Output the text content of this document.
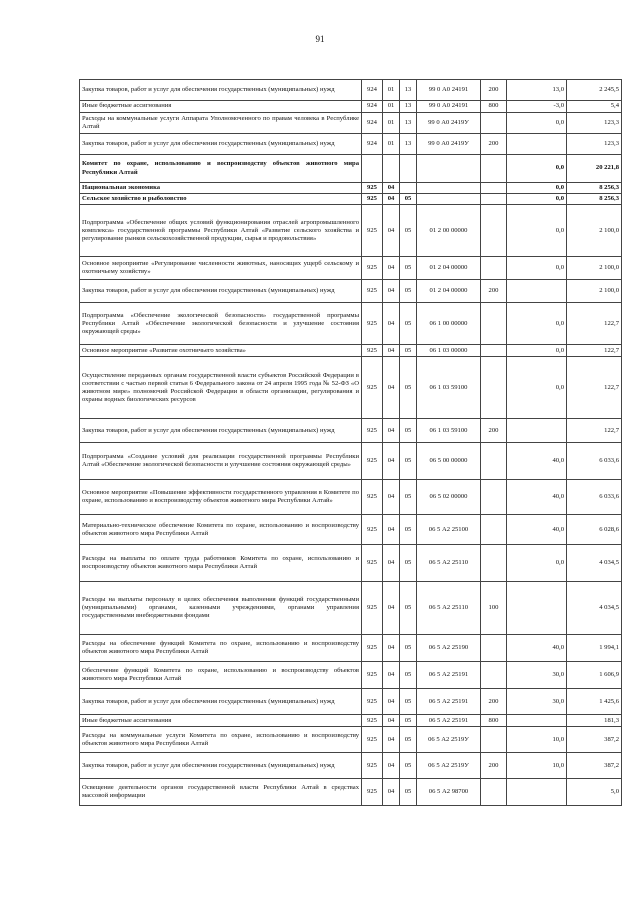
91
Закупка товаров, работ и услуг для обеспечения государственных (муниципальных) нужд	924	01	13	99 0 А0 24191	200	13,0	2 245,5
Иные бюджетные ассигнования	924	01	13	99 0 А0 24191	800	-3,0	5,4
Расходы на коммунальные услуги Аппарата Уполномоченного по правам человека в Республике Алтай	924	01	13	99 0 А0 2419У		0,0	123,3
Закупка товаров, работ и услуг для обеспечения государственных (муниципальных) нужд	924	01	13	99 0 А0 2419У	200		123,3
Комитет по охране, использованию и воспроизводству объектов животного мира Республики Алтай						0,0	20 221,8
Национальная экономика	925	04				0,0	8 256,3
Сельское хозяйство и рыболовство	925	04	05			0,0	8 256,3
Подпрограмма «Обеспечение общих условий функционирования отраслей агропромышленного комплекса» государственной программы Республики Алтай «Развитие сельского хозяйства и регулирование рынков сельскохозяйственной продукции, сырья и продовольствия»	925	04	05	01 2 00 00000		0,0	2 100,0
Основное мероприятие «Регулирование численности животных, наносящих ущерб сельскому и охотничьему хозяйству»	925	04	05	01 2 04 00000		0,0	2 100,0
Закупка товаров, работ и услуг для обеспечения государственных (муниципальных) нужд	925	04	05	01 2 04 00000	200		2 100,0
Подпрограмма «Обеспечение экологической безопасности» государственной программы Республики Алтай «Обеспечение экологической безопасности и улучшение состояния окружающей среды»	925	04	05	06 1 00 00000		0,0	122,7
Основное мероприятие «Развитие охотничьего хозяйства»	925	04	05	06 1 03 00000		0,0	122,7
Осуществление переданных органам государственной власти субъектов Российской Федерации в соответствии с частью первой статьи 6 Федерального закона от 24 апреля 1995 года № 52-ФЗ «О животном мире» полномочий Российской Федерации в области организации, регулирования и охраны водных биологических ресурсов	925	04	05	06 1 03 59100		0,0	122,7
Закупка товаров, работ и услуг для обеспечения государственных (муниципальных) нужд	925	04	05	06 1 03 59100	200		122,7
Подпрограмма «Создание условий для реализации государственной программы Республики Алтай «Обеспечение экологической безопасности и улучшение состояния окружающей среды»	925	04	05	06 5 00 00000		40,0	6 033,6
Основное мероприятие «Повышение эффективности государственного управления в Комитете по охране, использованию и воспроизводству объектов животного мира Республики Алтай»	925	04	05	06 5 02 00000		40,0	6 033,6
Материально-техническое обеспечение Комитета по охране, использованию и воспроизводству объектов животного мира Республики Алтай	925	04	05	06 5 А2 25100		40,0	6 028,6
Расходы на выплаты по оплате труда работников Комитета по охране, использованию и воспроизводству объектов животного мира Республики Алтай	925	04	05	06 5 А2 25110		0,0	4 034,5
Расходы на выплаты персоналу в целях обеспечения выполнения функций государственными (муниципальными) органами, казенными учреждениями, органами управления государственными внебюджетными фондами	925	04	05	06 5 А2 25110	100		4 034,5
Расходы на обеспечение функций Комитета по охране, использованию и воспроизводству объектов животного мира Республики Алтай	925	04	05	06 5 А2 25190		40,0	1 994,1
Обеспечение функций Комитета по охране, использованию и воспроизводству объектов животного мира Республики Алтай	925	04	05	06 5 А2 25191		30,0	1 606,9
Закупка товаров, работ и услуг для обеспечения государственных (муниципальных) нужд	925	04	05	06 5 А2 25191	200	30,0	1 425,6
Иные бюджетные ассигнования	925	04	05	06 5 А2 25191	800		181,3
Расходы на коммунальные услуги Комитета по охране, использованию и воспроизводству объектов животного мира Республики Алтай	925	04	05	06 5 А2 2519У		10,0	387,2
Закупка товаров, работ и услуг для обеспечения государственных (муниципальных) нужд	925	04	05	06 5 А2 2519У	200	10,0	387,2
Освещение деятельности органов государственной власти Республики Алтай в средствах массовой информации	925	04	05	06 5 А2 98700			5,0
